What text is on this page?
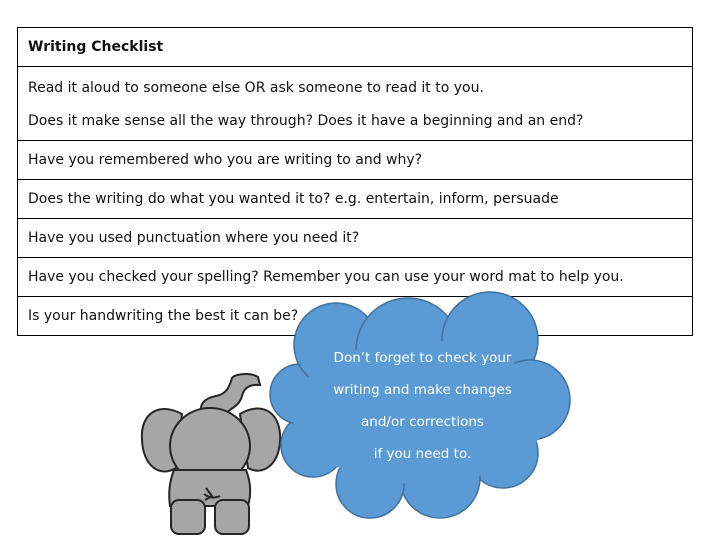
Writing Checklist

Read it aloud to someone else OR ask someone to read it to you.
Does it make sense all the way through? Does it have a beginning and an end?

Have you remembered who you are writing to and why?
Does the writing do what you wanted it to? e.g. entertain, inform, persuade
Have you used punctuation where you need it?
Have you checked your spelling? Remember you can use your word mat to help you.
Is your handwriting the best it can be?
Don’t forget to check your
writing and make changes
and/or corrections
if you need to.
